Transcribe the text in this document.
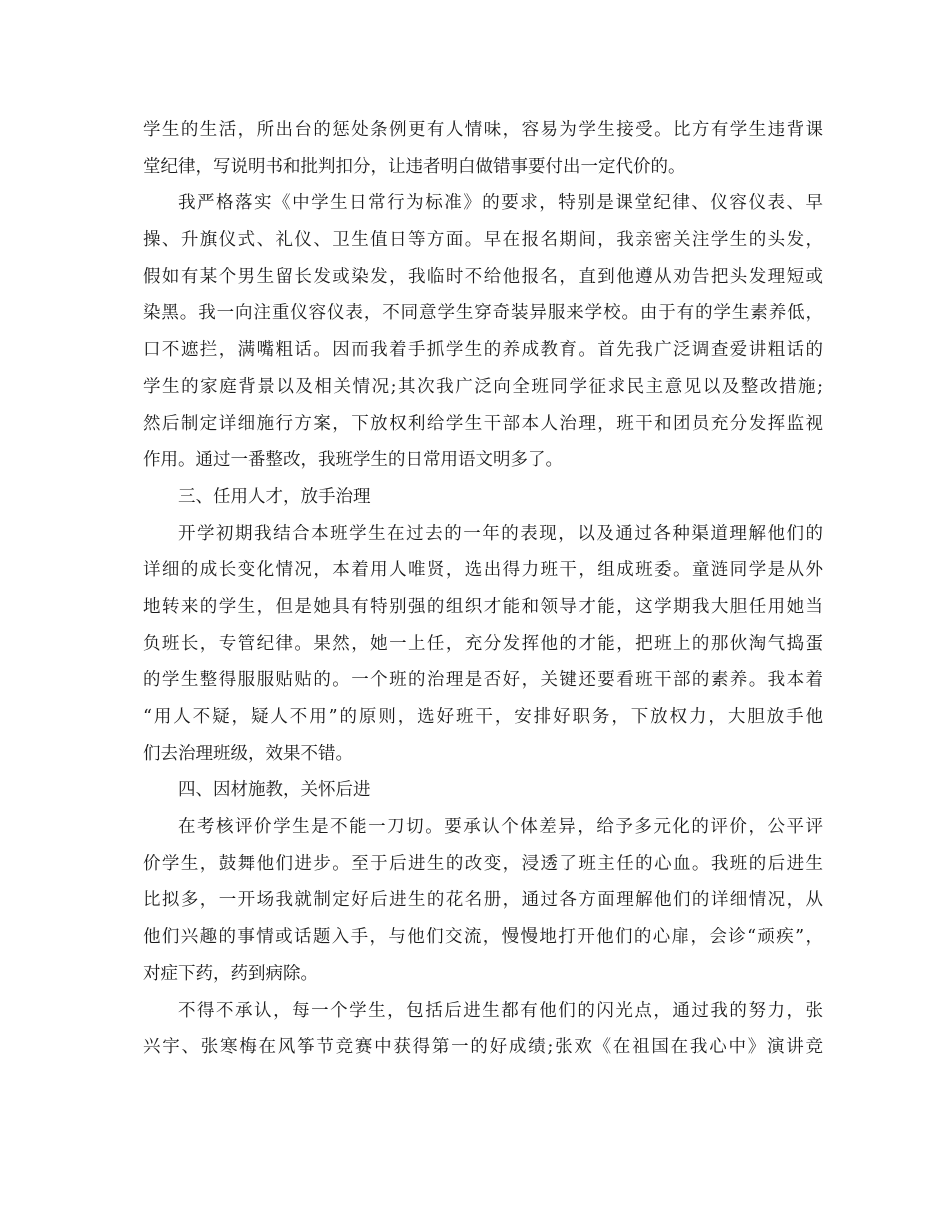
学生的生活，所出台的惩处条例更有人情味，容易为学生接受。比方有学生违背课
堂纪律，写说明书和批判扣分，让违者明白做错事要付出一定代价的。
我严格落实《中学生日常行为标准》的要求，特别是课堂纪律、仪容仪表、早
操、升旗仪式、礼仪、卫生值日等方面。早在报名期间，我亲密关注学生的头发，
假如有某个男生留长发或染发，我临时不给他报名，直到他遵从劝告把头发理短或
染黑。我一向注重仪容仪表，不同意学生穿奇装异服来学校。由于有的学生素养低，
口不遮拦，满嘴粗话。因而我着手抓学生的养成教育。首先我广泛调查爱讲粗话的
学生的家庭背景以及相关情况;其次我广泛向全班同学征求民主意见以及整改措施;
然后制定详细施行方案，下放权利给学生干部本人治理，班干和团员充分发挥监视
作用。通过一番整改，我班学生的日常用语文明多了。
三、任用人才，放手治理
开学初期我结合本班学生在过去的一年的表现，以及通过各种渠道理解他们的
详细的成长变化情况，本着用人唯贤，选出得力班干，组成班委。童涟同学是从外
地转来的学生，但是她具有特别强的组织才能和领导才能，这学期我大胆任用她当
负班长，专管纪律。果然，她一上任，充分发挥他的才能，把班上的那伙淘气捣蛋
的学生整得服服贴贴的。一个班的治理是否好，关键还要看班干部的素养。我本着
“用人不疑，疑人不用”的原则，选好班干，安排好职务，下放权力，大胆放手他
们去治理班级，效果不错。
四、因材施教，关怀后进
在考核评价学生是不能一刀切。要承认个体差异，给予多元化的评价，公平评
价学生，鼓舞他们进步。至于后进生的改变，浸透了班主任的心血。我班的后进生
比拟多，一开场我就制定好后进生的花名册，通过各方面理解他们的详细情况，从
他们兴趣的事情或话题入手，与他们交流，慢慢地打开他们的心扉，会诊“顽疾”，
对症下药，药到病除。
不得不承认，每一个学生，包括后进生都有他们的闪光点，通过我的努力，张
兴宇、张寒梅在风筝节竞赛中获得第一的好成绩;张欢《在祖国在我心中》演讲竞
